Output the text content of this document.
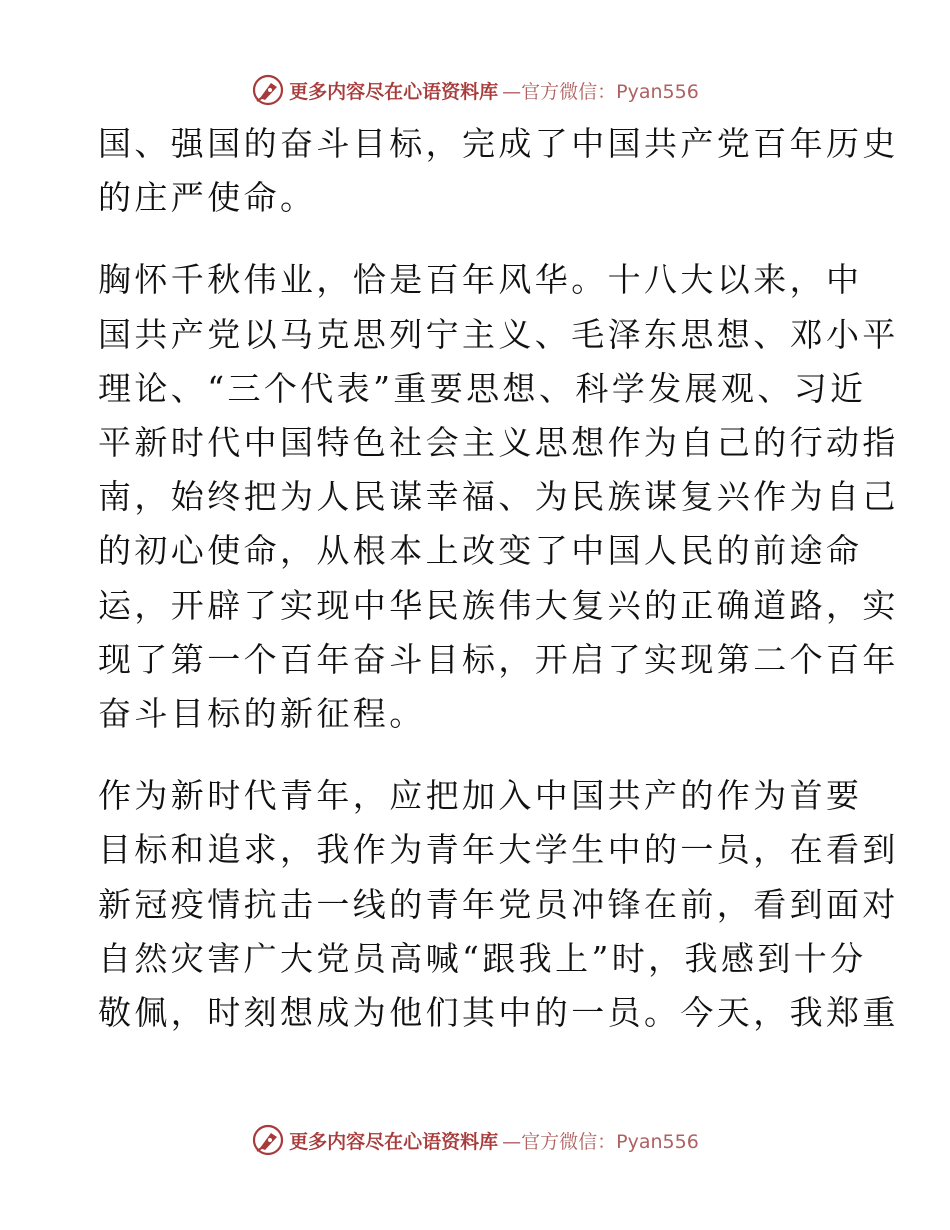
更多内容尽在心语资料库 —官方微信：Pyan556

国、强国的奋斗目标，完成了中国共产党百年历史
的庄严使命。

胸怀千秋伟业，恰是百年风华。十八大以来，中
国共产党以马克思列宁主义、毛泽东思想、邓小平
理论、“三个代表”重要思想、科学发展观、习近
平新时代中国特色社会主义思想作为自己的行动指
南，始终把为人民谋幸福、为民族谋复兴作为自己
的初心使命，从根本上改变了中国人民的前途命
运，开辟了实现中华民族伟大复兴的正确道路，实
现了第一个百年奋斗目标，开启了实现第二个百年
奋斗目标的新征程。

作为新时代青年，应把加入中国共产的作为首要
目标和追求，我作为青年大学生中的一员，在看到
新冠疫情抗击一线的青年党员冲锋在前，看到面对
自然灾害广大党员高喊“跟我上”时，我感到十分
敬佩，时刻想成为他们其中的一员。今天，我郑重

更多内容尽在心语资料库 —官方微信：Pyan556
